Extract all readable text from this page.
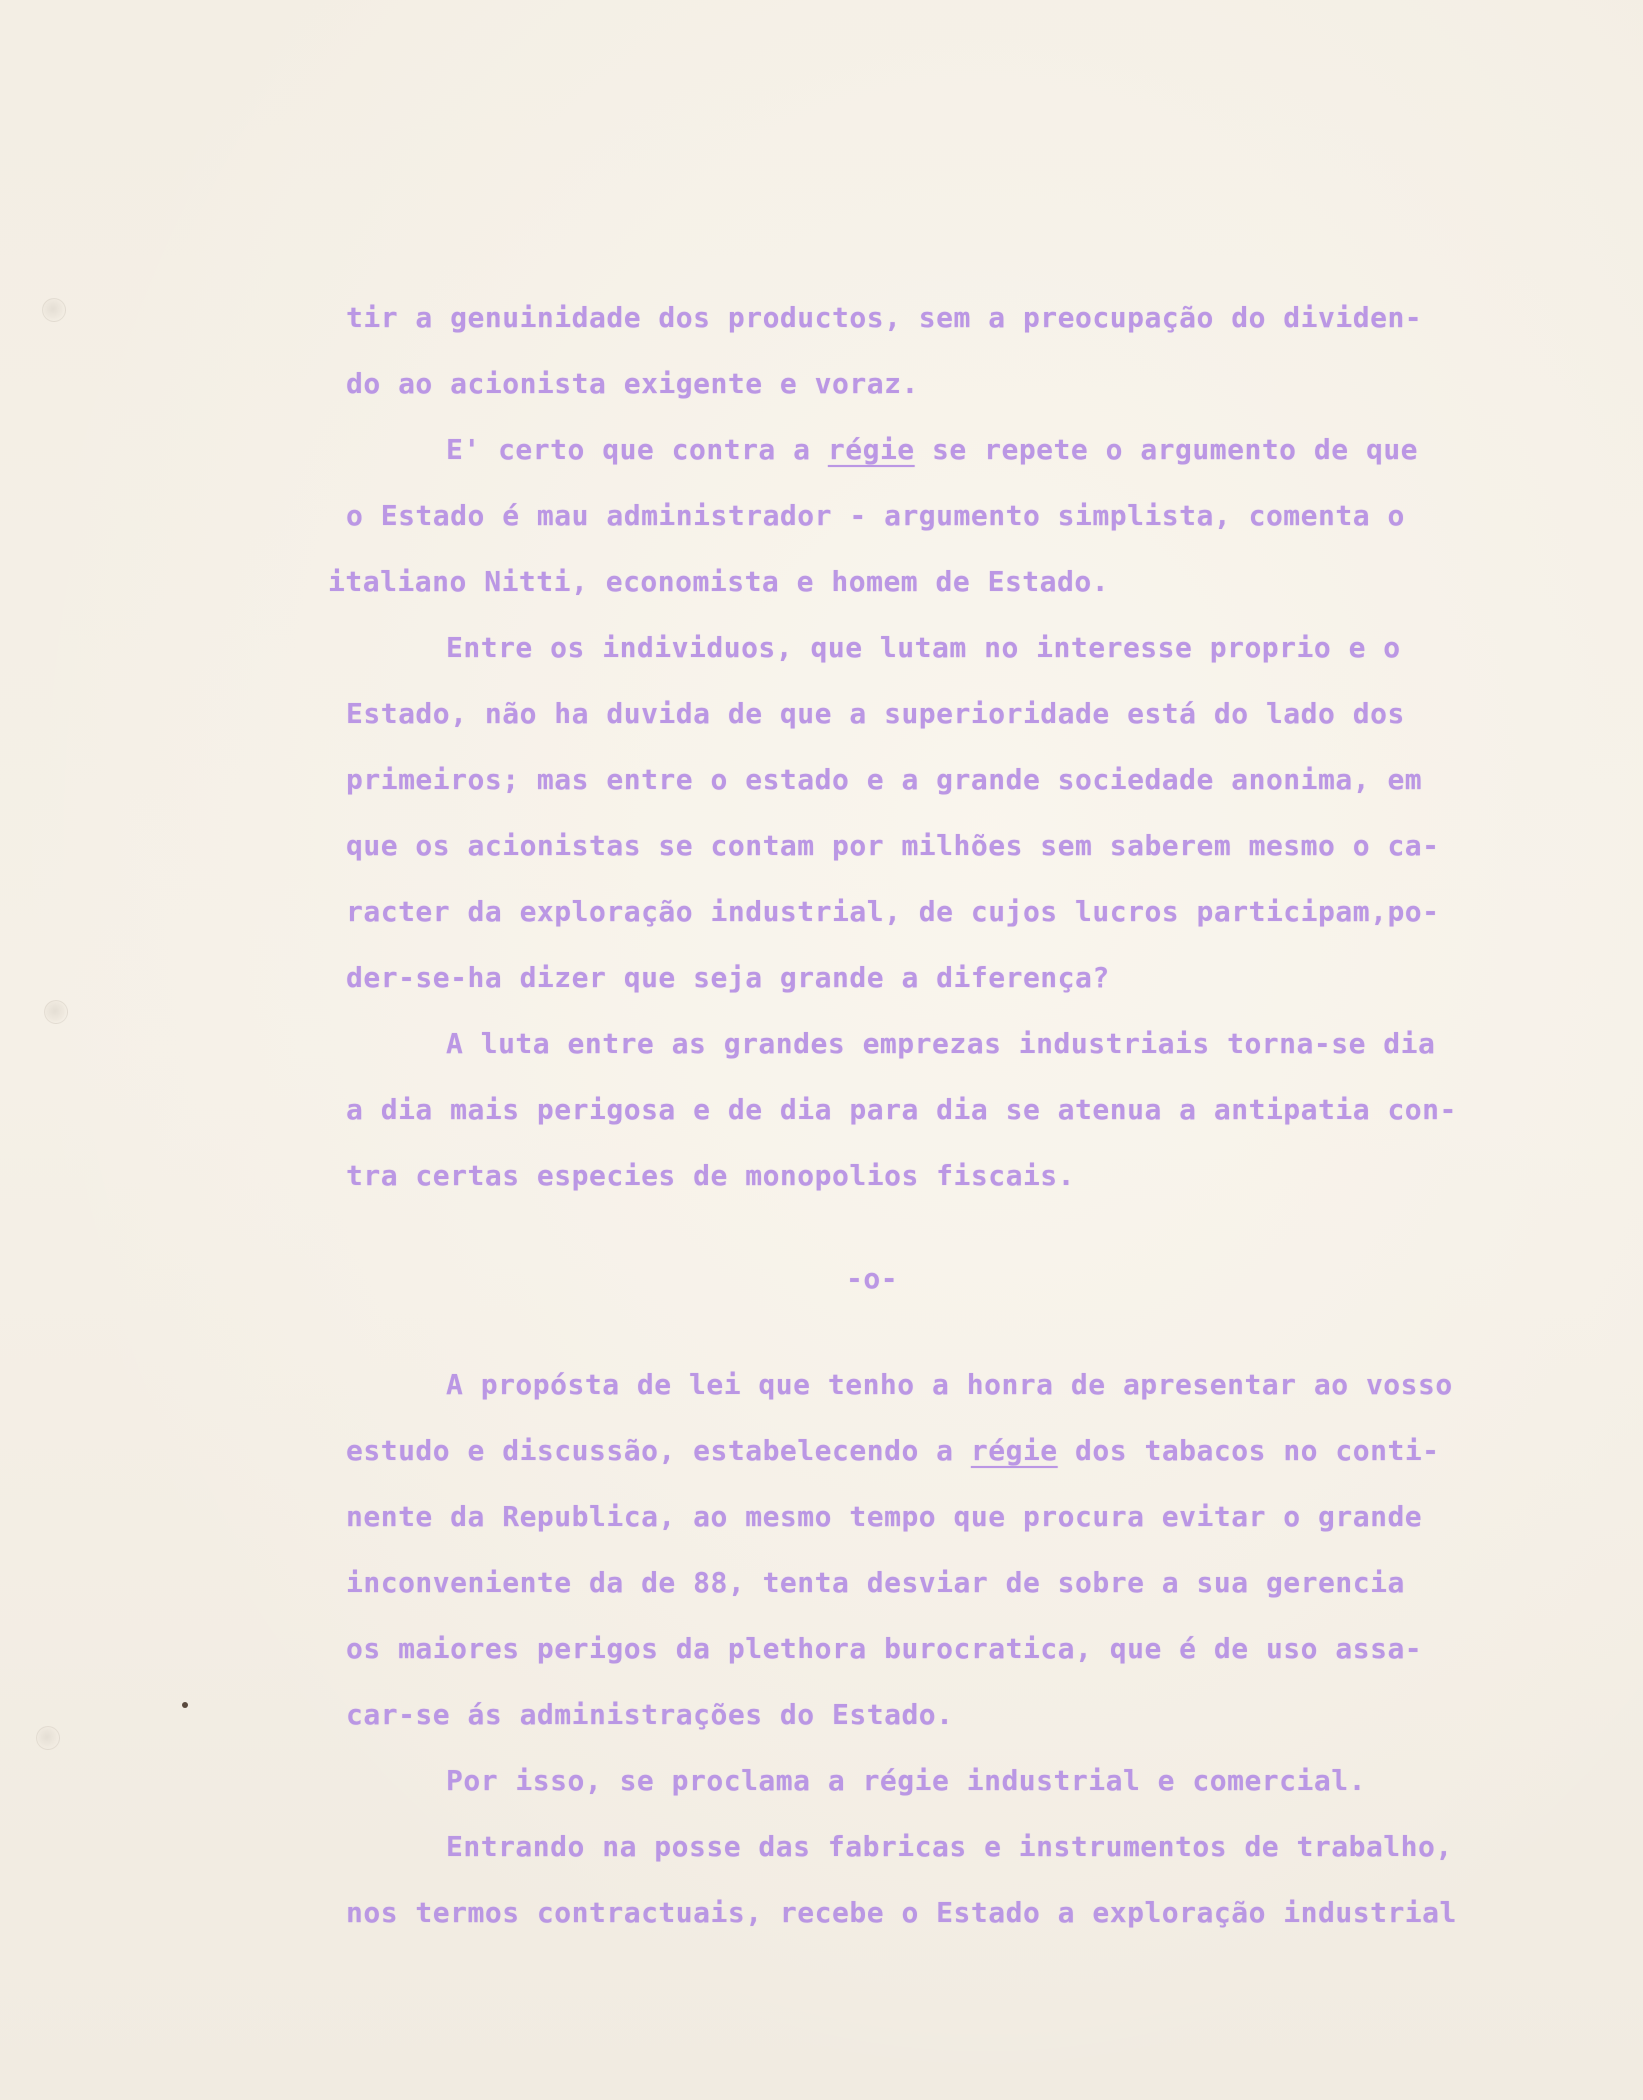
tir a genuinidade dos productos, sem a preocupação do dividen-
do ao acionista exigente e voraz.
E' certo que contra a régie se repete o argumento de que
o Estado é mau administrador - argumento simplista, comenta o
italiano Nitti, economista e homem de Estado.
Entre os individuos, que lutam no interesse proprio e o
Estado, não ha duvida de que a superioridade está do lado dos
primeiros; mas entre o estado e a grande sociedade anonima, em
que os acionistas se contam por milhões sem saberem mesmo o ca-
racter da exploração industrial, de cujos lucros participam,po-
der-se-ha dizer que seja grande a diferença?
A luta entre as grandes emprezas industriais torna-se dia
a dia mais perigosa e de dia para dia se atenua a antipatia con-
tra certas especies de monopolios fiscais.
-o-
A propósta de lei que tenho a honra de apresentar ao vosso
estudo e discussão, estabelecendo a régie dos tabacos no conti-
nente da Republica, ao mesmo tempo que procura evitar o grande
inconveniente da de 88, tenta desviar de sobre a sua gerencia
os maiores perigos da plethora burocratica, que é de uso assa-
car-se ás administrações do Estado.
Por isso, se proclama a régie industrial e comercial.
Entrando na posse das fabricas e instrumentos de trabalho,
nos termos contractuais, recebe o Estado a exploração industrial
